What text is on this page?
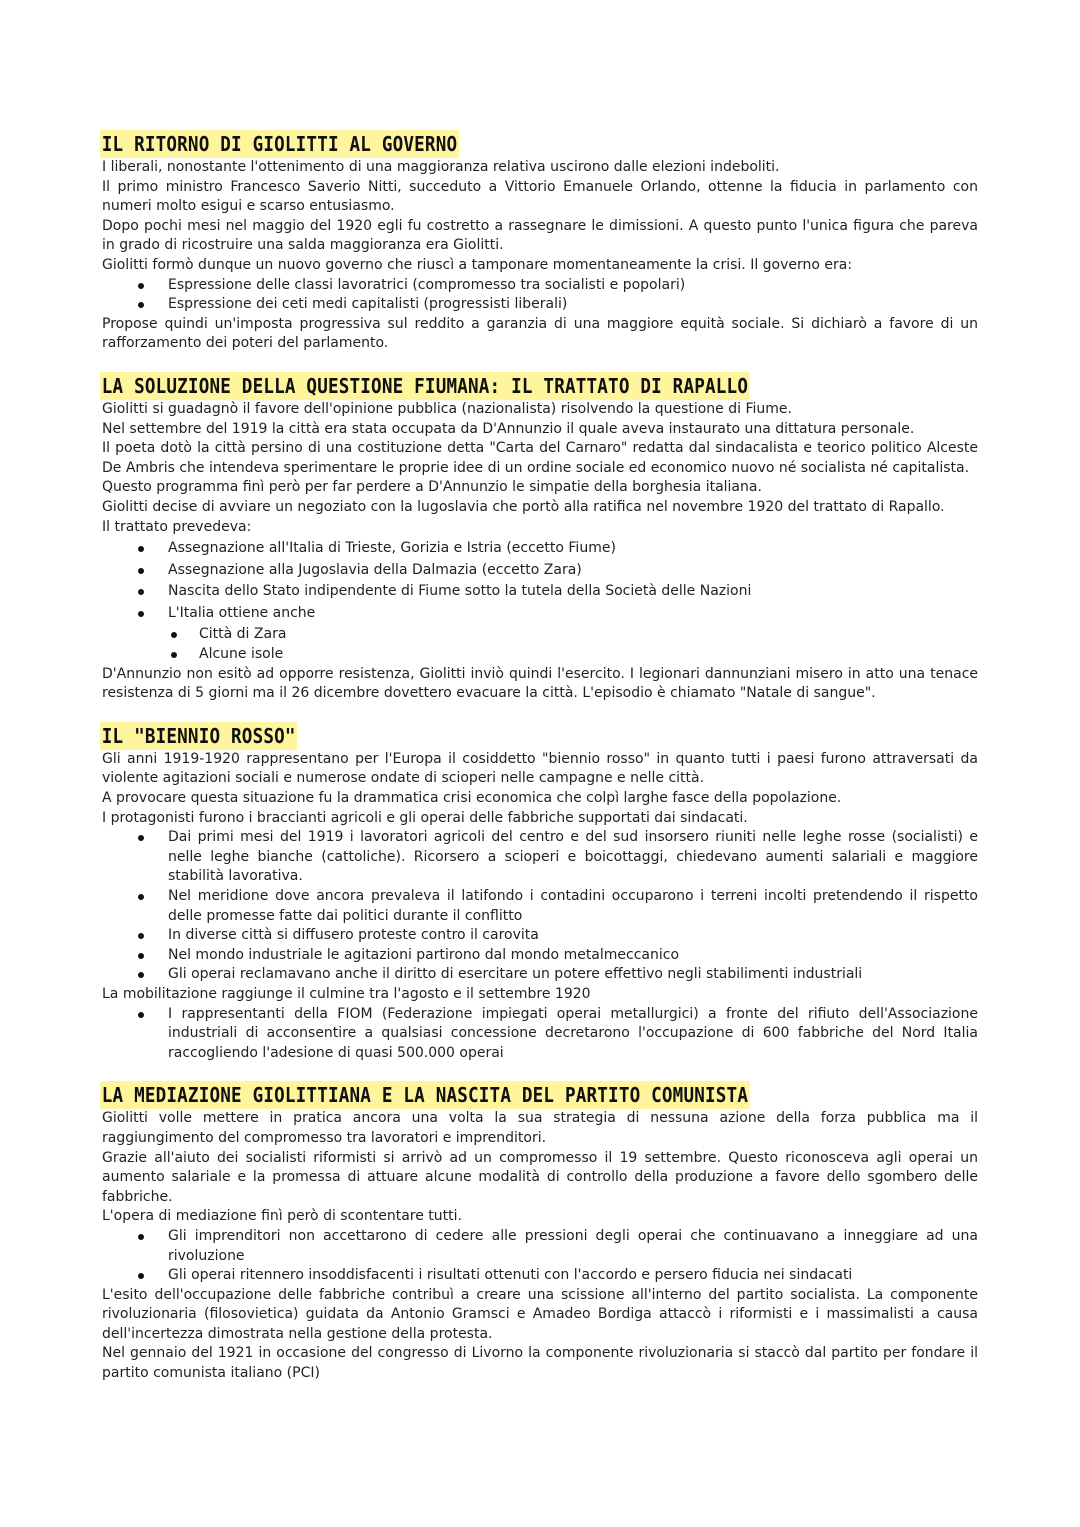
IL RITORNO DI GIOLITTI AL GOVERNO

I liberali, nonostante l'ottenimento di una maggioranza relativa uscirono dalle elezioni indeboliti.

Il primo ministro Francesco Saverio Nitti, succeduto a Vittorio Emanuele Orlando, ottenne la fiducia in parlamento con numeri molto esigui e scarso entusiasmo.

Dopo pochi mesi nel maggio del 1920 egli fu costretto a rassegnare le dimissioni. A questo punto l'unica figura che pareva in grado di ricostruire una salda maggioranza era Giolitti.

Giolitti formò dunque un nuovo governo che riuscì a tamponare momentaneamente la crisi. Il governo era:

Espressione delle classi lavoratrici (compromesso tra socialisti e popolari)
Espressione dei ceti medi capitalisti (progressisti liberali)

Propose quindi un'imposta progressiva sul reddito a garanzia di una maggiore equità sociale. Si dichiarò a favore di un rafforzamento dei poteri del parlamento.

LA SOLUZIONE DELLA QUESTIONE FIUMANA: IL TRATTATO DI RAPALLO

Giolitti si guadagnò il favore dell'opinione pubblica (nazionalista) risolvendo la questione di Fiume.

Nel settembre del 1919 la città era stata occupata da D'Annunzio il quale aveva instaurato una dittatura personale.

Il poeta dotò la città persino di una costituzione detta "Carta del Carnaro" redatta dal sindacalista e teorico politico Alceste De Ambris che intendeva sperimentare le proprie idee di un ordine sociale ed economico nuovo né socialista né capitalista.

Questo programma finì però per far perdere a D'Annunzio le simpatie della borghesia italiana.

Giolitti decise di avviare un negoziato con la lugoslavia che portò alla ratifica nel novembre 1920 del trattato di Rapallo.

Il trattato prevedeva:

Assegnazione all'Italia di Trieste, Gorizia e Istria (eccetto Fiume)
Assegnazione alla Jugoslavia della Dalmazia (eccetto Zara)
Nascita dello Stato indipendente di Fiume sotto la tutela della Società delle Nazioni
L'Italia ottiene anche
Città di Zara
Alcune isole

D'Annunzio non esitò ad opporre resistenza, Giolitti inviò quindi l'esercito. I legionari dannunziani misero in atto una tenace resistenza di 5 giorni ma il 26 dicembre dovettero evacuare la città. L'episodio è chiamato "Natale di sangue".

IL "BIENNIO ROSSO"

Gli anni 1919-1920 rappresentano per l'Europa il cosiddetto "biennio rosso" in quanto tutti i paesi furono attraversati da violente agitazioni sociali e numerose ondate di scioperi nelle campagne e nelle città.

A provocare questa situazione fu la drammatica crisi economica che colpì larghe fasce della popolazione.

I protagonisti furono i braccianti agricoli e gli operai delle fabbriche supportati dai sindacati.

Dai primi mesi del 1919 i lavoratori agricoli del centro e del sud insorsero riuniti nelle leghe rosse (socialisti) e nelle leghe bianche (cattoliche). Ricorsero a scioperi e boicottaggi, chiedevano aumenti salariali e maggiore stabilità lavorativa.
Nel meridione dove ancora prevaleva il latifondo i contadini occuparono i terreni incolti pretendendo il rispetto delle promesse fatte dai politici durante il conflitto
In diverse città si diffusero proteste contro il carovita
Nel mondo industriale le agitazioni partirono dal mondo metalmeccanico
Gli operai reclamavano anche il diritto di esercitare un potere effettivo negli stabilimenti industriali

La mobilitazione raggiunge il culmine tra l'agosto e il settembre 1920

I rappresentanti della FIOM (Federazione impiegati operai metallurgici) a fronte del rifiuto dell'Associazione industriali di acconsentire a qualsiasi concessione decretarono l'occupazione di 600 fabbriche del Nord Italia raccogliendo l'adesione di quasi 500.000 operai
LA MEDIAZIONE GIOLITTIANA E LA NASCITA DEL PARTITO COMUNISTA

Giolitti volle mettere in pratica ancora una volta la sua strategia di nessuna azione della forza pubblica ma il raggiungimento del compromesso tra lavoratori e imprenditori.

Grazie all'aiuto dei socialisti riformisti si arrivò ad un compromesso il 19 settembre. Questo riconosceva agli operai un aumento salariale e la promessa di attuare alcune modalità di controllo della produzione a favore dello sgombero delle fabbriche.

L'opera di mediazione finì però di scontentare tutti.

Gli imprenditori non accettarono di cedere alle pressioni degli operai che continuavano a inneggiare ad una rivoluzione
Gli operai ritennero insoddisfacenti i risultati ottenuti con l'accordo e persero fiducia nei sindacati

L'esito dell'occupazione delle fabbriche contribuì a creare una scissione all'interno del partito socialista. La componente rivoluzionaria (filosovietica) guidata da Antonio Gramsci e Amadeo Bordiga attaccò i riformisti e i massimalisti a causa dell'incertezza dimostrata nella gestione della protesta.

Nel gennaio del 1921 in occasione del congresso di Livorno la componente rivoluzionaria si staccò dal partito per fondare il partito comunista italiano (PCI)
